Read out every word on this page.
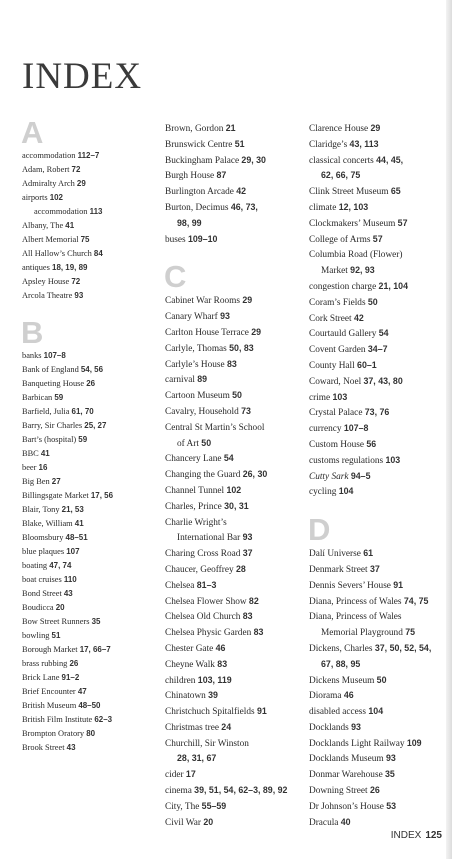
INDEX
A
accommodation 112–7
Adam, Robert 72
Admiralty Arch 29
airports 102
accommodation 113
Albany, The 41
Albert Memorial 75
All Hallow’s Church 84
antiques 18, 19, 89
Apsley House 72
Arcola Theatre 93
B
banks 107–8
Bank of England 54, 56
Banqueting House 26
Barbican 59
Barfield, Julia 61, 70
Barry, Sir Charles 25, 27
Bart’s (hospital) 59
BBC 41
beer 16
Big Ben 27
Billingsgate Market 17, 56
Blair, Tony 21, 53
Blake, William 41
Bloomsbury 48–51
blue plaques 107
boating 47, 74
boat cruises 110
Bond Street 43
Boudicca 20
Bow Street Runners 35
bowling 51
Borough Market 17, 66–7
brass rubbing 26
Brick Lane 91–2
Brief Encounter 47
British Museum 48–50
British Film Institute 62–3
Brompton Oratory 80
Brook Street 43
Brown, Gordon 21
Brunswick Centre 51
Buckingham Palace 29, 30
Burgh House 87
Burlington Arcade 42
Burton, Decimus 46, 73,
98, 99
buses 109–10
C
Cabinet War Rooms 29
Canary Wharf 93
Carlton House Terrace 29
Carlyle, Thomas 50, 83
Carlyle’s House 83
carnival 89
Cartoon Museum 50
Cavalry, Household 73
Central St Martin’s School
of Art 50
Chancery Lane 54
Changing the Guard 26, 30
Channel Tunnel 102
Charles, Prince 30, 31
Charlie Wright’s
International Bar 93
Charing Cross Road 37
Chaucer, Geoffrey 28
Chelsea 81–3
Chelsea Flower Show 82
Chelsea Old Church 83
Chelsea Physic Garden 83
Chester Gate 46
Cheyne Walk 83
children 103, 119
Chinatown 39
Christchuch Spitalfields 91
Christmas tree 24
Churchill, Sir Winston
28, 31, 67
cider 17
cinema 39, 51, 54, 62–3, 89, 92
City, The 55–59
Civil War 20
Clarence House 29
Claridge’s 43, 113
classical concerts 44, 45,
62, 66, 75
Clink Street Museum 65
climate 12, 103
Clockmakers’ Museum 57
College of Arms 57
Columbia Road (Flower)
Market 92, 93
congestion charge 21, 104
Coram’s Fields 50
Cork Street 42
Courtauld Gallery 54
Covent Garden 34–7
County Hall 60–1
Coward, Noel 37, 43, 80
crime 103
Crystal Palace 73, 76
currency 107–8
Custom House 56
customs regulations 103
Cutty Sark 94–5
cycling 104
D
Dalí Universe 61
Denmark Street 37
Dennis Severs’ House 91
Diana, Princess of Wales 74, 75
Diana, Princess of Wales
Memorial Playground 75
Dickens, Charles 37, 50, 52, 54,
67, 88, 95
Dickens Museum 50
Diorama 46
disabled access 104
Docklands 93
Docklands Light Railway 109
Docklands Museum 93
Donmar Warehouse 35
Downing Street 26
Dr Johnson’s House 53
Dracula 40
INDEX 125
